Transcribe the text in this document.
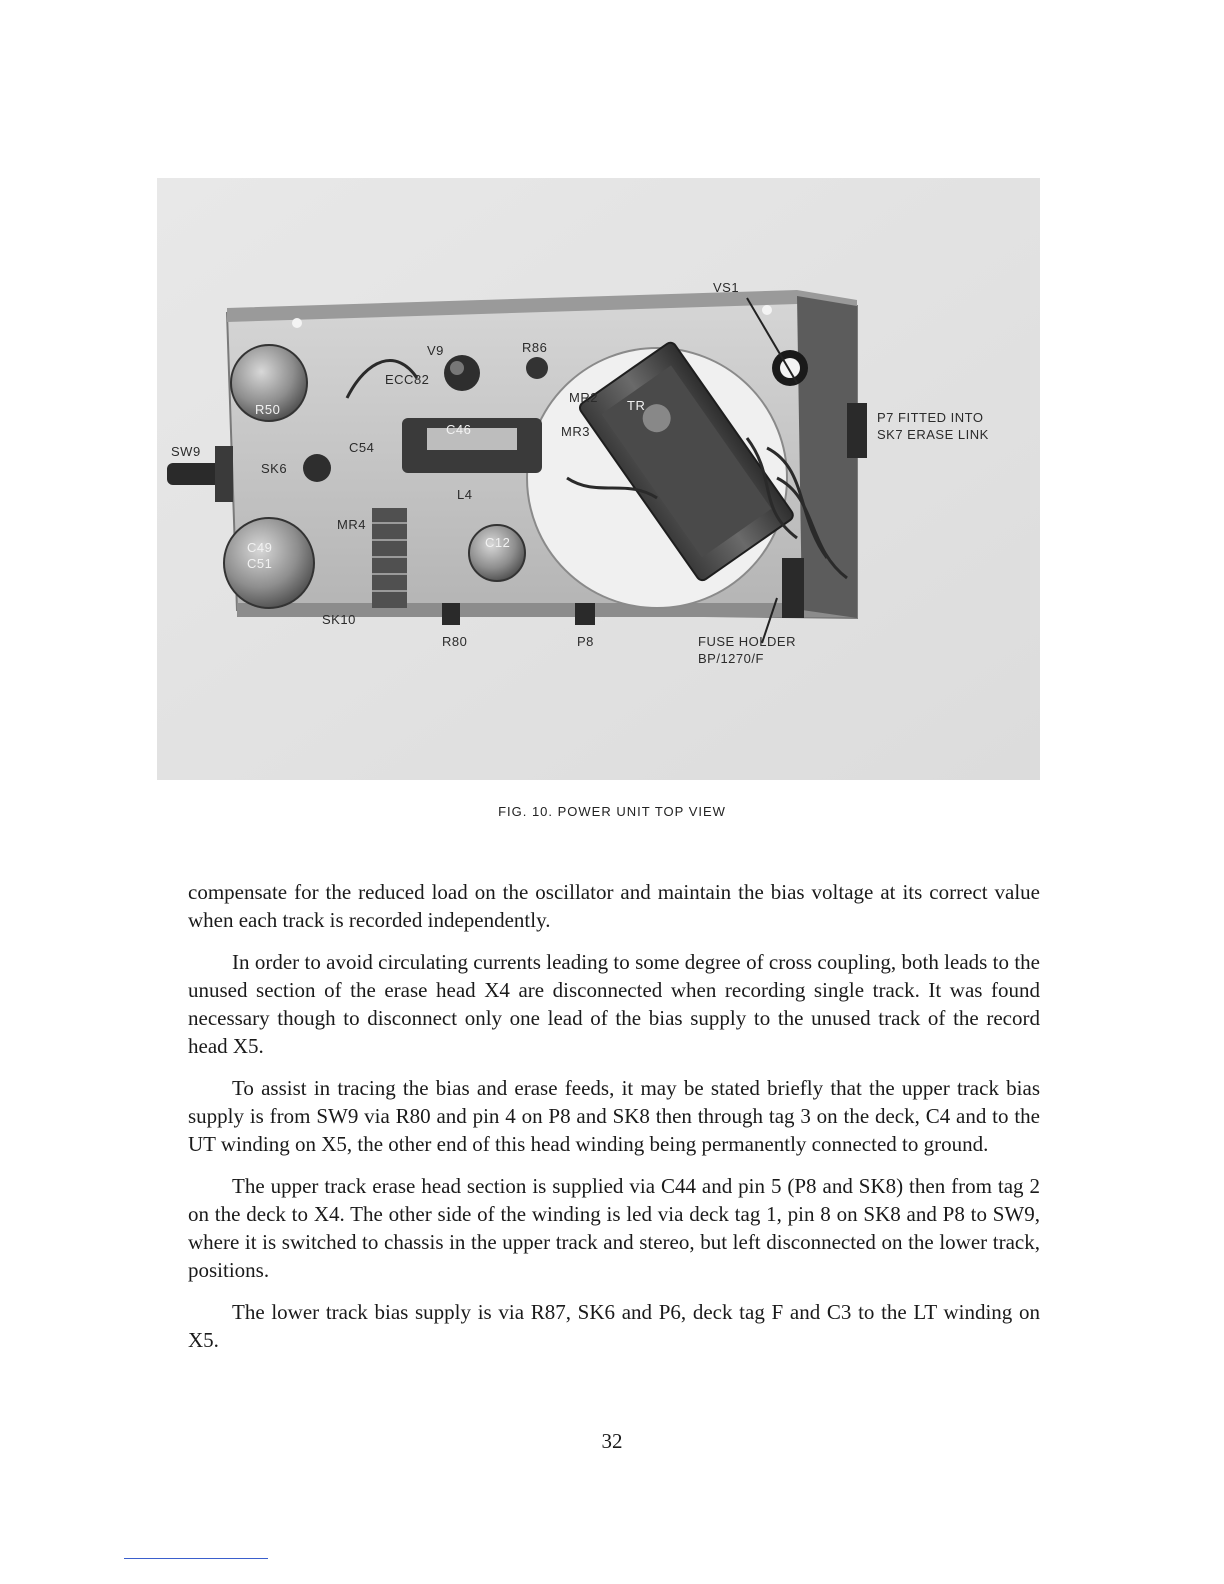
VS1
V9	R86
ECC82
MR2
MR3
TR
R50
C46
C54
SW9
SK6
L4
MR4
C49
C51
C12
SK10
R80	P8
P7 FITTED INTO
SK7 ERASE LINK
FUSE HOLDER
BP/1270/F
FIG. 10. POWER UNIT TOP VIEW

compensate for the reduced load on the oscillator and maintain the bias voltage at its correct value when each track is recorded independently.

In order to avoid circulating currents leading to some degree of cross coupling, both leads to the unused section of the erase head X4 are disconnected when recording single track. It was found necessary though to disconnect only one lead of the bias supply to the unused track of the record head X5.

To assist in tracing the bias and erase feeds, it may be stated briefly that the upper track bias supply is from SW9 via R80 and pin 4 on P8 and SK8 then through tag 3 on the deck, C4 and to the UT winding on X5, the other end of this head winding being permanently connected to ground.

The upper track erase head section is supplied via C44 and pin 5 (P8 and SK8) then from tag 2 on the deck to X4. The other side of the winding is led via deck tag 1, pin 8 on SK8 and P8 to SW9, where it is switched to chassis in the upper track and stereo, but left disconnected on the lower track, positions.

The lower track bias supply is via R87, SK6 and P6, deck tag F and C3 to the LT winding on X5.

32
